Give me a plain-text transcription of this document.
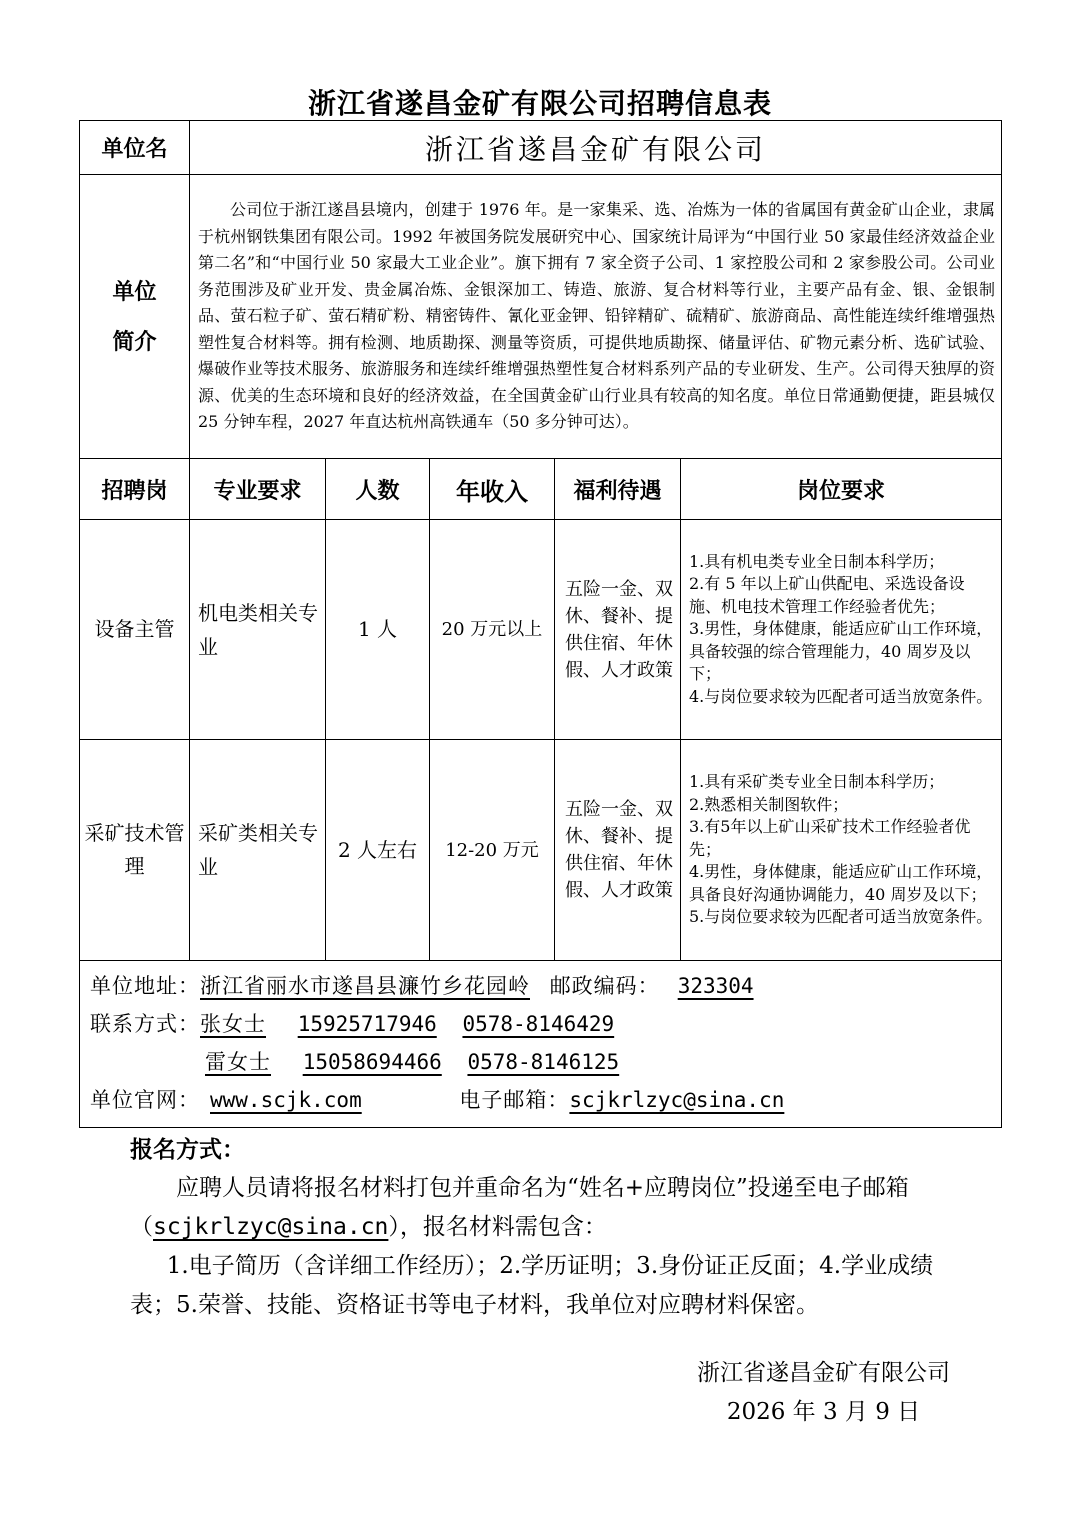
浙江省遂昌金矿有限公司招聘信息表
单位名	浙江省遂昌金矿有限公司				

单位
简介	公司位于浙江遂昌县境内，创建于 1976 年。是一家集采、选、冶炼为一体的省属国有黄金矿山企业，隶属于杭州钢铁集团有限公司。1992 年被国务院发展研究中心、国家统计局评为“中国行业 50 家最佳经济效益企业第二名”和“中国行业 50 家最大工业企业”。旗下拥有 7 家全资子公司、1 家控股公司和 2 家参股公司。公司业务范围涉及矿业开发、贵金属冶炼、金银深加工、铸造、旅游、复合材料等行业，主要产品有金、银、金银制品、萤石粒子矿、萤石精矿粉、精密铸件、氰化亚金钾、铅锌精矿、硫精矿、旅游商品、高性能连续纤维增强热塑性复合材料等。拥有检测、地质勘探、测量等资质，可提供地质勘探、储量评估、矿物元素分析、选矿试验、爆破作业等技术服务、旅游服务和连续纤维增强热塑性复合材料系列产品的专业研发、生产。公司得天独厚的资源、优美的生态环境和良好的经济效益，在全国黄金矿山行业具有较高的知名度。单位日常通勤便捷，距县城仅 25 分钟车程，2027 年直达杭州高铁通车（50 多分钟可达）。				
招聘岗	专业要求	人数	年收入	福利待遇	岗位要求
设备主管	机电类相关专业	1 人	20 万元以上	五险一金、双休、餐补、提供住宿、年休假、人才政策	1.具有机电类专业全日制本科学历；
2.有 5 年以上矿山供配电、采选设备设施、机电技术管理工作经验者优先；
3.男性，身体健康，能适应矿山工作环境，具备较强的综合管理能力，40 周岁及以下；
4.与岗位要求较为匹配者可适当放宽条件。

采矿技术管理	采矿类相关专业	2 人左右	12-20 万元	五险一金、双休、餐补、提供住宿、年休假、人才政策	1.具有采矿类专业全日制本科学历；
2.熟悉相关制图软件；
3.有5年以上矿山采矿技术工作经验者优先；
4.男性，身体健康，能适应矿山工作环境，具备良好沟通协调能力，40 周岁及以下；
5.与岗位要求较为匹配者可适当放宽条件。

单位地址：浙江省丽水市遂昌县濂竹乡花园岭 邮政编码： 323304
联系方式：张女士 15925717946 0578-8146429
雷女士 15058694466 0578-8146125
单位官网： www.scjk.com 电子邮箱：scjkrlzyc@sina.cn					
报名方式：

应聘人员请将报名材料打包并重命名为“姓名+应聘岗位”投递至电子邮箱（scjkrlzyc@sina.cn），报名材料需包含：

1.电子简历（含详细工作经历）；2.学历证明；3.身份证正反面；4.学业成绩表；5.荣誉、技能、资格证书等电子材料，我单位对应聘材料保密。

浙江省遂昌金矿有限公司
2026 年 3 月 9 日
